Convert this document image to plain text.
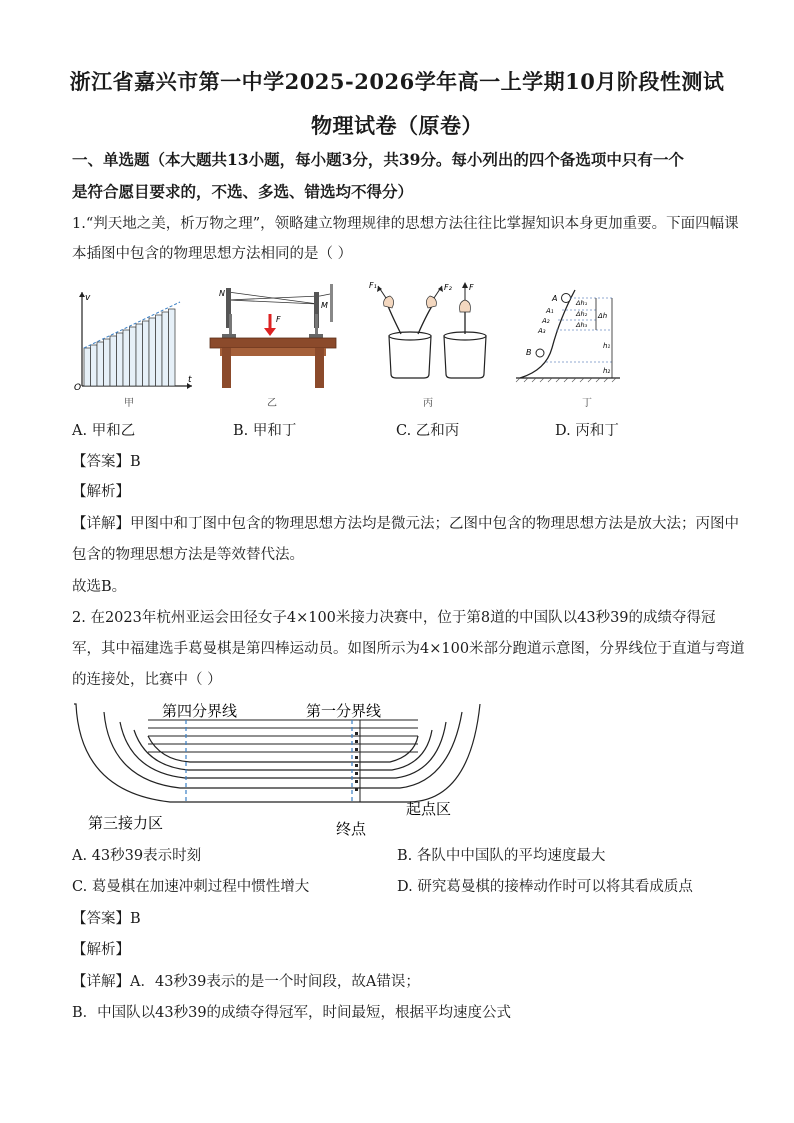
浙江省嘉兴市第一中学2025-2026学年高一上学期10月阶段性测试
物理试卷（原卷）
一、单选题（本大题共13小题，每小题3分，共39分。每小列出的四个备选项中只有一个
是符合愿目要求的，不选、多选、错选均不得分）
1.“判天地之美，析万物之理”，领略建立物理规律的思想方法往往比掌握知识本身更加重要。下面四幅课
本插图中包含的物理思想方法相同的是（ ）
v
t
O
N
M
F
F₁	F₂ F
A
A₁
A₂
A₃
B
Δh₁
Δh₂
Δh₃
Δh
h₁
h₂
甲	乙	丙	丁
A. 甲和乙	B. 甲和丁	C. 乙和丙	D. 丙和丁
【答案】B
【解析】
【详解】甲图中和丁图中包含的物理思想方法均是微元法；乙图中包含的物理思想方法是放大法；丙图中
包含的物理思想方法是等效替代法。
故选B。
2. 在2023年杭州亚运会田径女子4×100米接力决赛中，位于第8道的中国队以43秒39的成绩夺得冠
军，其中福建选手葛曼棋是第四棒运动员。如图所示为4×100米部分跑道示意图，分界线位于直道与弯道
的连接处，比赛中（ ）
第四分界线	第一分界线
第三接力区	终点
起点区
A. 43秒39表示时刻	B. 各队中中国队的平均速度最大
C. 葛曼棋在加速冲刺过程中惯性增大	D. 研究葛曼棋的接棒动作时可以将其看成质点
【答案】B
【解析】
【详解】A．43秒39表示的是一个时间段，故A错误；
B．中国队以43秒39的成绩夺得冠军，时间最短，根据平均速度公式
